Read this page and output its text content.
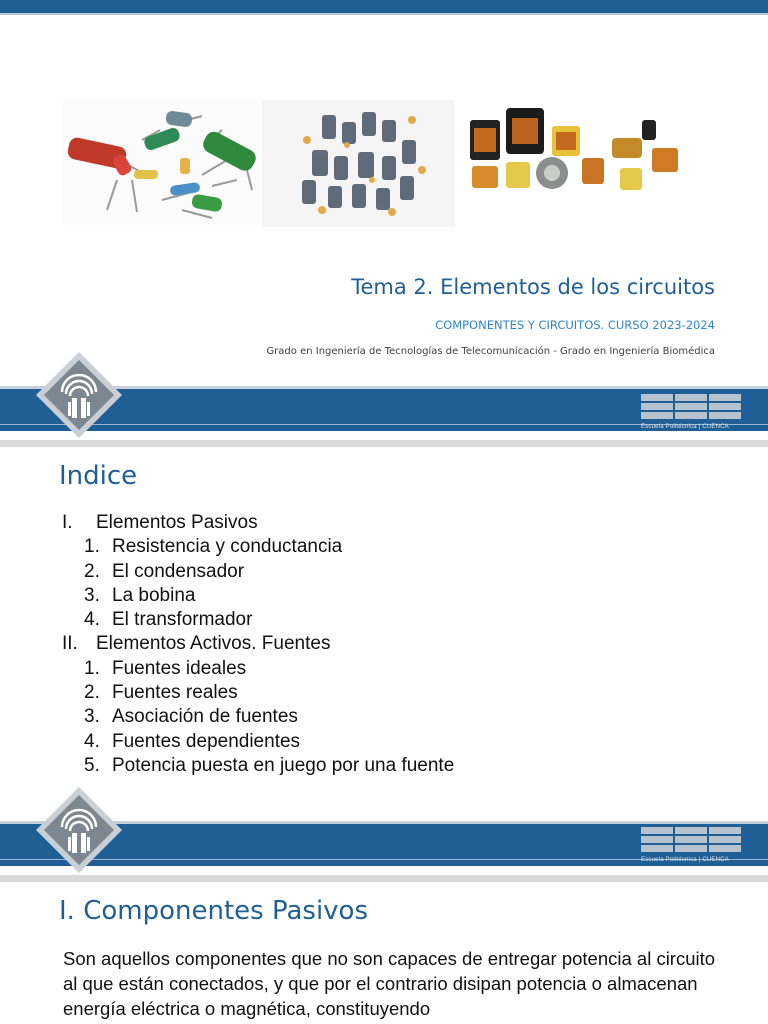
Tema 2. Elementos de los circuitos
COMPONENTES Y CIRCUITOS. CURSO 2023-2024
Grado en Ingeniería de Tecnologías de Telecomunicación - Grado en Ingeniería Biomédica
Escuela Politécnica | CUENCA
Indice
I. Elementos Pasivos
1. Resistencia y conductancia
2. El condensador
3. La bobina
4. El transformador
II. Elementos Activos. Fuentes
1. Fuentes ideales
2. Fuentes reales
3. Asociación de fuentes
4. Fuentes dependientes
5. Potencia puesta en juego por una fuente
Escuela Politécnica | CUENCA
I. Componentes Pasivos
Son aquellos componentes que no son capaces de entregar potencia al circuito al que están conectados, y que por el contrario disipan potencia o almacenan energía eléctrica o magnética, constituyendo
